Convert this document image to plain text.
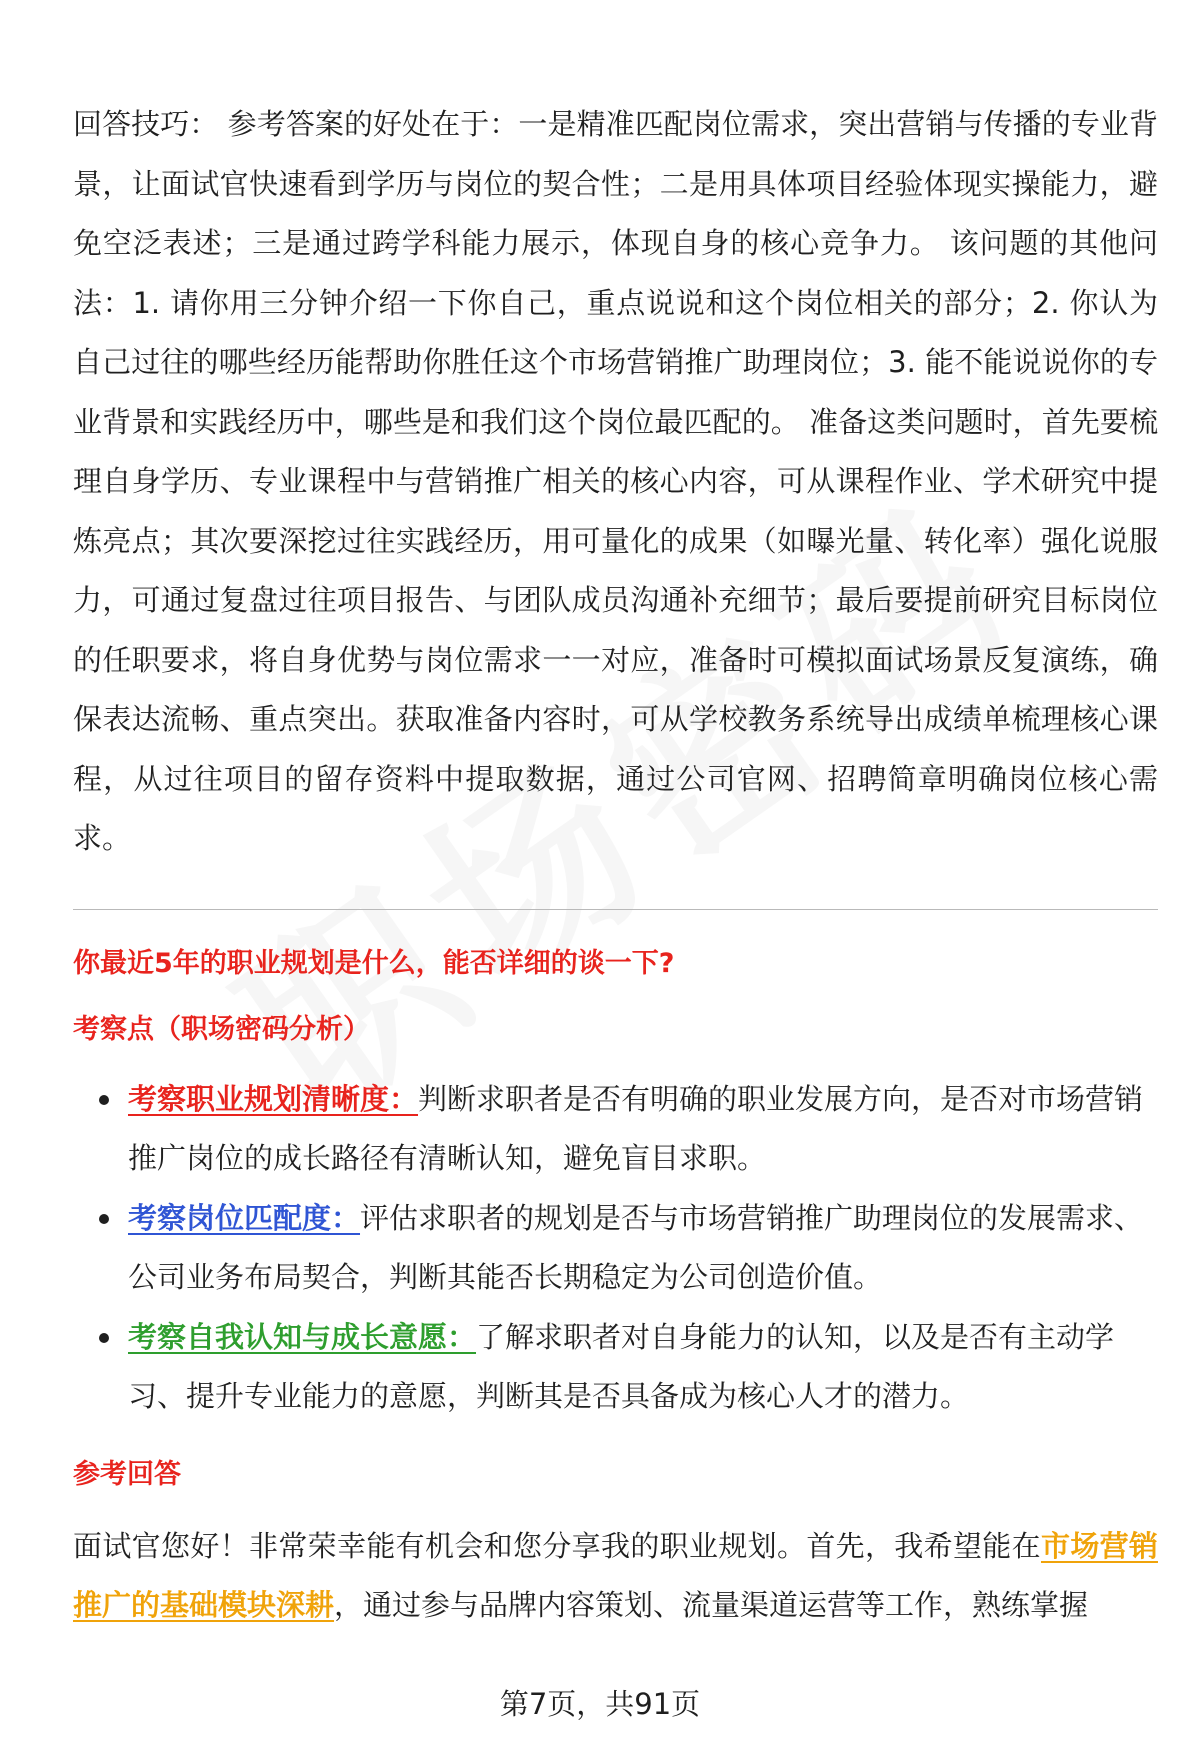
回答技巧： 参考答案的好处在于：一是精准匹配岗位需求，突出营销与传播的专业背景，让面试官快速看到学历与岗位的契合性；二是用具体项目经验体现实操能力，避免空泛表述；三是通过跨学科能力展示，体现自身的核心竞争力。 该问题的其他问法：1. 请你用三分钟介绍一下你自己，重点说说和这个岗位相关的部分；2. 你认为自己过往的哪些经历能帮助你胜任这个市场营销推广助理岗位；3. 能不能说说你的专业背景和实践经历中，哪些是和我们这个岗位最匹配的。 准备这类问题时，首先要梳理自身学历、专业课程中与营销推广相关的核心内容，可从课程作业、学术研究中提炼亮点；其次要深挖过往实践经历，用可量化的成果（如曝光量、转化率）强化说服力，可通过复盘过往项目报告、与团队成员沟通补充细节；最后要提前研究目标岗位的任职要求，将自身优势与岗位需求一一对应，准备时可模拟面试场景反复演练，确保表达流畅、重点突出。获取准备内容时，可从学校教务系统导出成绩单梳理核心课程，从过往项目的留存资料中提取数据，通过公司官网、招聘简章明确岗位核心需求。

你最近5年的职业规划是什么，能否详细的谈一下?

考察点（职场密码分析）

考察职业规划清晰度：判断求职者是否有明确的职业发展方向，是否对市场营销推广岗位的成长路径有清晰认知，避免盲目求职。
考察岗位匹配度：评估求职者的规划是否与市场营销推广助理岗位的发展需求、公司业务布局契合，判断其能否长期稳定为公司创造价值。
考察自我认知与成长意愿：了解求职者对自身能力的认知，以及是否有主动学习、提升专业能力的意愿，判断其是否具备成为核心人才的潜力。

参考回答

面试官您好！非常荣幸能有机会和您分享我的职业规划。首先，我希望能在市场营销推广的基础模块深耕，通过参与品牌内容策划、流量渠道运营等工作，熟练掌握

第7页，共91页
